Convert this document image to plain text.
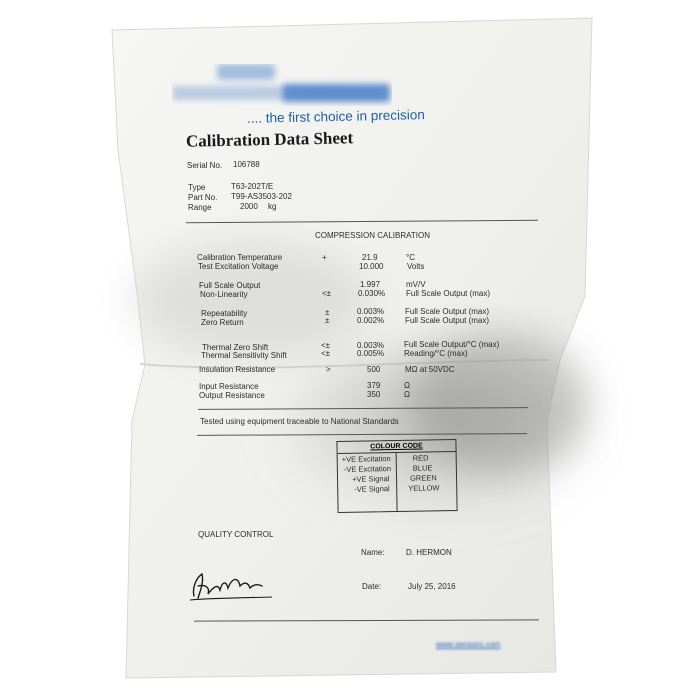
.... the first choice in precision
Calibration Data Sheet
Serial No. 106788
Type	T63-202T/E
Part No. T99-AS3503-202
Range	2000 kg
COMPRESSION CALIBRATION
Calibration Temperature	+	21.9	°C
Test Excitation Voltage	10.000	Volts
Full Scale Output	1.997	mV/V
Non-Linearity	<±	0.030%	Full Scale Output (max)
Repeatability	±	0.003%	Full Scale Output (max)
Zero Return	±	0.002%	Full Scale Output (max)
Thermal Zero Shift	<±	0.003% Full Scale Output/°C (max)
Thermal Sensitivity Shift	<±	0.005% Reading/°C (max)
Insulation Resistance	>	500	MΩ at 50VDC
Input Resistance	379	Ω
Output Resistance	350	Ω
Tested using equipment traceable to National Standards
COLOUR CODE
+VE Excitation	RED
-VE Excitation	BLUE
+VE Signal	GREEN
-VE Signal YELLOW
QUALITY CONTROL
Name:	D. HERMON
Date:	July 25, 2016
www.sensors.com
